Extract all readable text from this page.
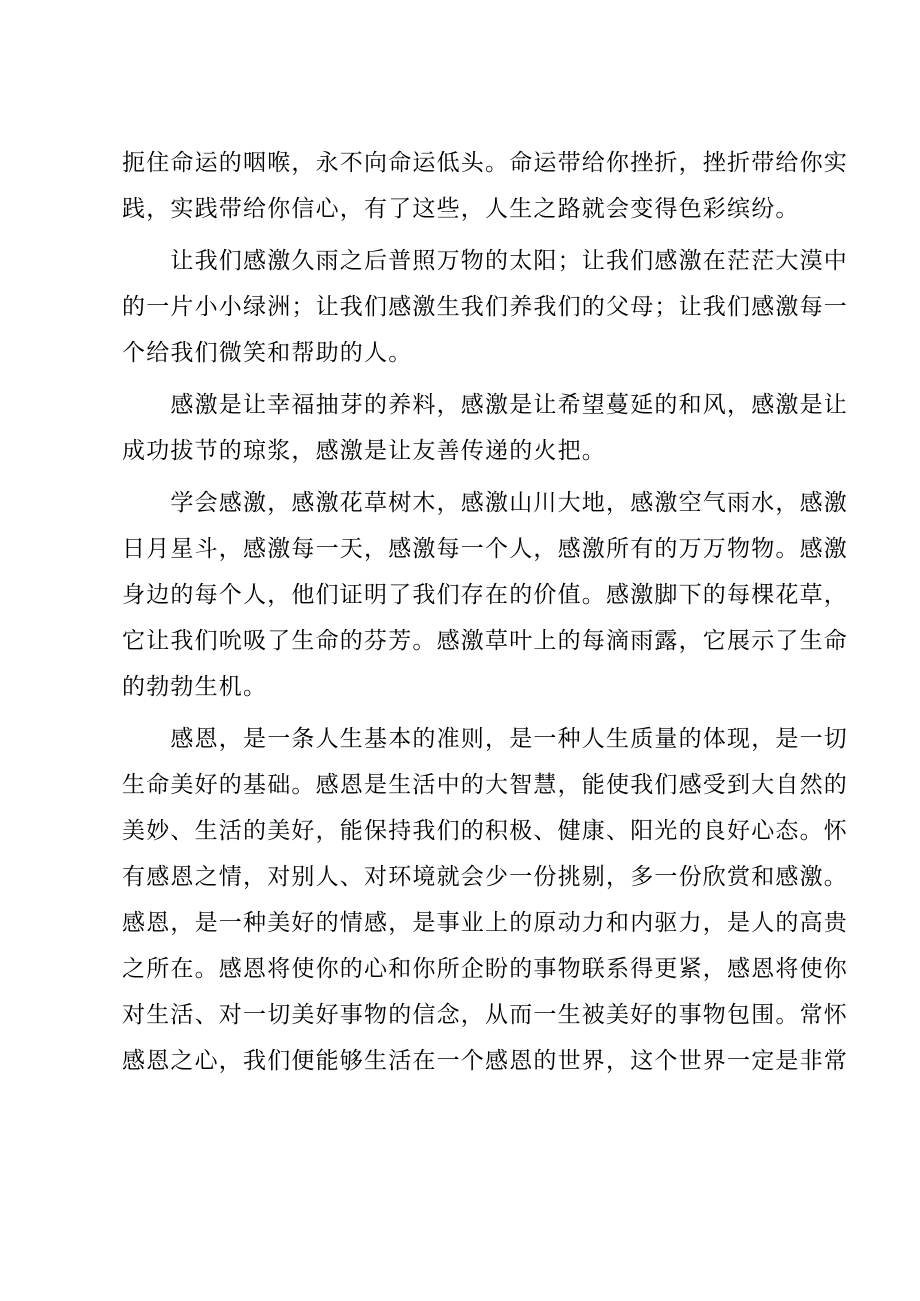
扼住命运的咽喉，永不向命运低头。命运带给你挫折，挫折带给你实
践，实践带给你信心，有了这些，人生之路就会变得色彩缤纷。
　　让我们感激久雨之后普照万物的太阳；让我们感激在茫茫大漠中
的一片小小绿洲；让我们感激生我们养我们的父母；让我们感激每一
个给我们微笑和帮助的人。
　　感激是让幸福抽芽的养料，感激是让希望蔓延的和风，感激是让
成功拔节的琼浆，感激是让友善传递的火把。
　　学会感激，感激花草树木，感激山川大地，感激空气雨水，感激
日月星斗，感激每一天，感激每一个人，感激所有的万万物物。感激
身边的每个人，他们证明了我们存在的价值。感激脚下的每棵花草，
它让我们吮吸了生命的芬芳。感激草叶上的每滴雨露，它展示了生命
的勃勃生机。
　　感恩，是一条人生基本的准则，是一种人生质量的体现，是一切
生命美好的基础。感恩是生活中的大智慧，能使我们感受到大自然的
美妙、生活的美好，能保持我们的积极、健康、阳光的良好心态。怀
有感恩之情，对别人、对环境就会少一份挑剔，多一份欣赏和感激。
感恩，是一种美好的情感，是事业上的原动力和内驱力，是人的高贵
之所在。感恩将使你的心和你所企盼的事物联系得更紧，感恩将使你
对生活、对一切美好事物的信念，从而一生被美好的事物包围。常怀
感恩之心，我们便能够生活在一个感恩的世界，这个世界一定是非常
